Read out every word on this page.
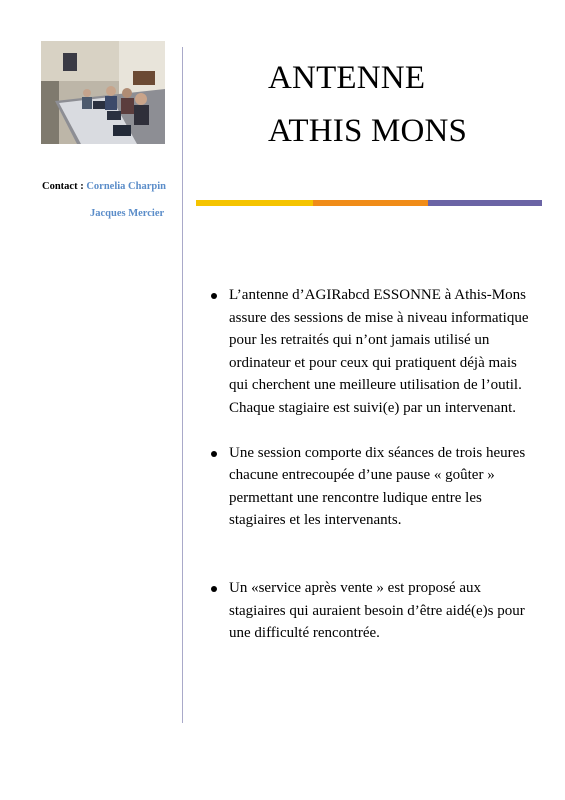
ANTENNE
ATHIS MONS
Contact : Cornelia Charpin
Jacques Mercier

L’antenne d’AGIRabcd ESSONNE à Athis-Mons assure des sessions de mise à niveau informatique pour les retraités qui n’ont jamais utilisé un ordinateur et pour ceux qui pratiquent déjà mais qui cherchent une meilleure utilisation de l’outil. Chaque stagiaire est suivi(e) par un intervenant.

Une session comporte dix séances de trois heures chacune entrecoupée d’une pause « goûter » permettant une rencontre ludique entre les stagiaires et les intervenants.

Un «service après vente » est proposé aux stagiaires qui auraient besoin d’être aidé(e)s pour une difficulté rencontrée.
